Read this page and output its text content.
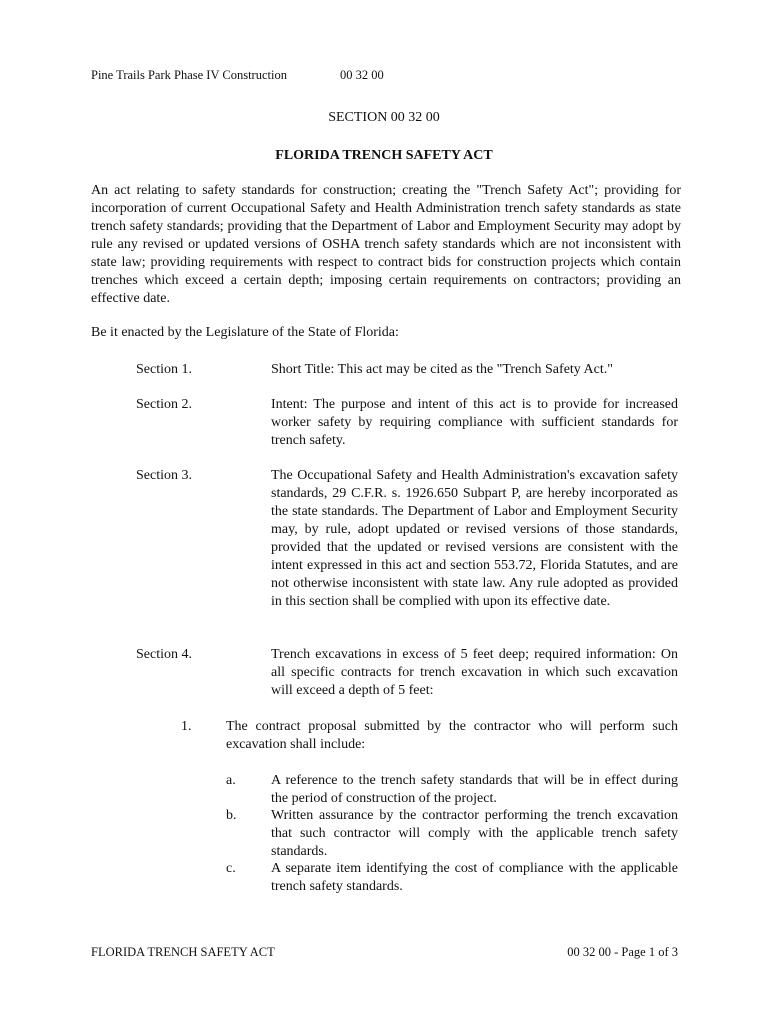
Pine Trails Park Phase IV Construction	00 32 00
SECTION 00 32 00
FLORIDA TRENCH SAFETY ACT
An act relating to safety standards for construction; creating the "Trench Safety Act"; providing for incorporation of current Occupational Safety and Health Administration trench safety standards as state trench safety standards; providing that the Department of Labor and Employment Security may adopt by rule any revised or updated versions of OSHA trench safety standards which are not inconsistent with state law; providing requirements with respect to contract bids for construction projects which contain trenches which exceed a certain depth; imposing certain requirements on contractors; providing an effective date.
Be it enacted by the Legislature of the State of Florida:
Section 1.	Short Title: This act may be cited as the "Trench Safety Act."
Section 2.	Intent: The purpose and intent of this act is to provide for increased worker safety by requiring compliance with sufficient standards for trench safety.
Section 3.	The Occupational Safety and Health Administration's excavation safety standards, 29 C.F.R. s. 1926.650 Subpart P, are hereby incorporated as the state standards. The Department of Labor and Employment Security may, by rule, adopt updated or revised versions of those standards, provided that the updated or revised versions are consistent with the intent expressed in this act and section 553.72, Florida Statutes, and are not otherwise inconsistent with state law. Any rule adopted as provided in this section shall be complied with upon its effective date.
Section 4.	Trench excavations in excess of 5 feet deep; required information: On all specific contracts for trench excavation in which such excavation will exceed a depth of 5 feet:
1. The contract proposal submitted by the contractor who will perform such excavation shall include:
a.	A reference to the trench safety standards that will be in effect during the period of construction of the project.
b. Written assurance by the contractor performing the trench excavation that such contractor will comply with the applicable trench safety standards.
c.	A separate item identifying the cost of compliance with the applicable trench safety standards.
FLORIDA TRENCH SAFETY ACT	00 32 00 - Page 1 of 3
